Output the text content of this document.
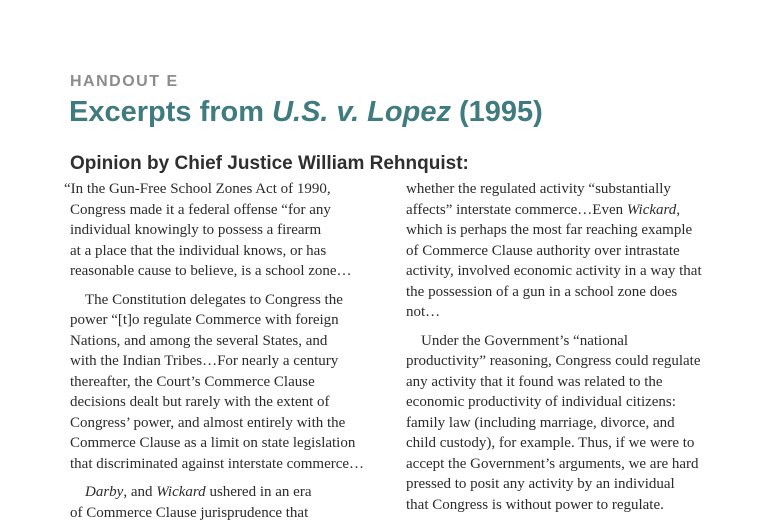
HANDOUT E
Excerpts from U.S. v. Lopez (1995)
Opinion by Chief Justice William Rehnquist:
“In the Gun-Free School Zones Act of 1990,
Congress made it a federal offense “for any
individual knowingly to possess a firearm
at a place that the individual knows, or has
reasonable cause to believe, is a school zone…
The Constitution delegates to Congress the
power “[t]o regulate Commerce with foreign
Nations, and among the several States, and
with the Indian Tribes…For nearly a century
thereafter, the Court’s Commerce Clause
decisions dealt but rarely with the extent of
Congress’ power, and almost entirely with the
Commerce Clause as a limit on state legislation
that discriminated against interstate commerce…
Darby, and Wickard ushered in an era
of Commerce Clause jurisprudence that
whether the regulated activity “substantially
affects” interstate commerce…Even Wickard,
which is perhaps the most far reaching example
of Commerce Clause authority over intrastate
activity, involved economic activity in a way that
the possession of a gun in a school zone does
not…
Under the Government’s “national
productivity” reasoning, Congress could regulate
any activity that it found was related to the
economic productivity of individual citizens:
family law (including marriage, divorce, and
child custody), for example. Thus, if we were to
accept the Government’s arguments, we are hard
pressed to posit any activity by an individual
that Congress is without power to regulate.
